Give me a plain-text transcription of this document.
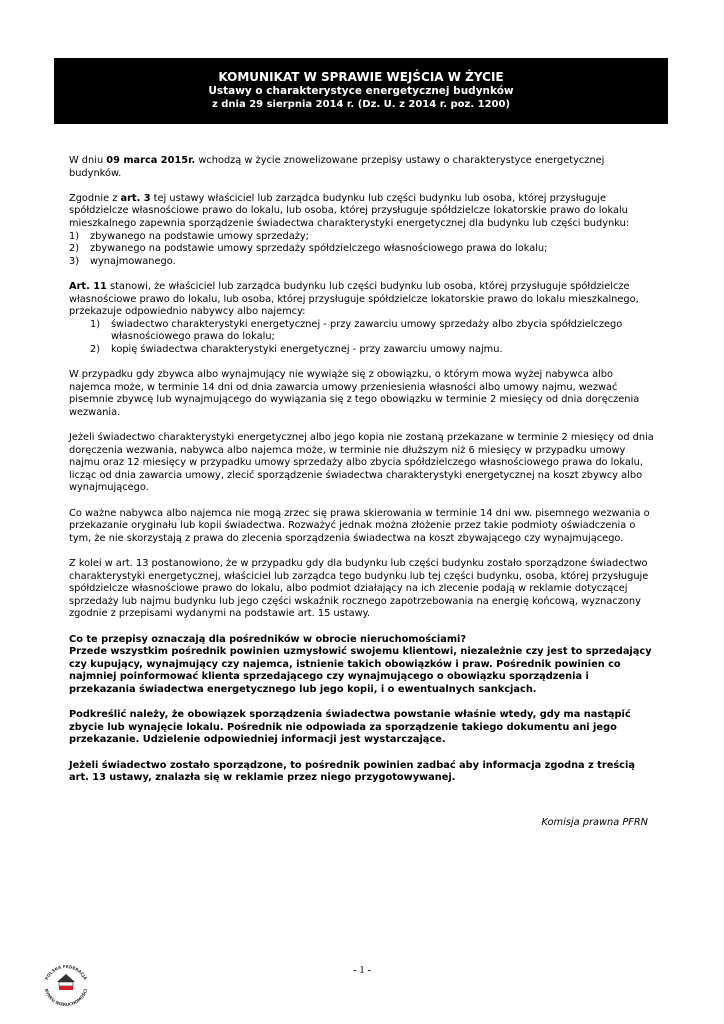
KOMUNIKAT W SPRAWIE WEJŚCIA W ŻYCIE
Ustawy o charakterystyce energetycznej budynków
z dnia 29 sierpnia 2014 r. (Dz. U. z 2014 r. poz. 1200)

W dniu 09 marca 2015r. wchodzą w życie znowelizowane przepisy ustawy o charakterystyce energetycznej budynków.

Zgodnie z art. 3 tej ustawy właściciel lub zarządca budynku lub części budynku lub osoba, której przysługuje spółdzielcze własnościowe prawo do lokalu, lub osoba, której przysługuje spółdzielcze lokatorskie prawo do lokalu mieszkalnego zapewnia sporządzenie świadectwa charakterystyki energetycznej dla budynku lub części budynku:
1) zbywanego na podstawie umowy sprzedaży;
2) zbywanego na podstawie umowy sprzedaży spółdzielczego własnościowego prawa do lokalu;
3) wynajmowanego.
Art. 11 stanowi, że właściciel lub zarządca budynku lub części budynku lub osoba, której przysługuje spółdzielcze własnościowe prawo do lokalu, lub osoba, której przysługuje spółdzielcze lokatorskie prawo do lokalu mieszkalnego, przekazuje odpowiednio nabywcy albo najemcy:
1) świadectwo charakterystyki energetycznej - przy zawarciu umowy sprzedaży albo zbycia spółdzielczego własnościowego prawa do lokalu;
2) kopię świadectwa charakterystyki energetycznej - przy zawarciu umowy najmu.

W przypadku gdy zbywca albo wynajmujący nie wywiąże się z obowiązku, o którym mowa wyżej nabywca albo najemca może, w terminie 14 dni od dnia zawarcia umowy przeniesienia własności albo umowy najmu, wezwać pisemnie zbywcę lub wynajmującego do wywiązania się z tego obowiązku w terminie 2 miesięcy od dnia doręczenia wezwania.

Jeżeli świadectwo charakterystyki energetycznej albo jego kopia nie zostaną przekazane w terminie 2 miesięcy od dnia doręczenia wezwania, nabywca albo najemca może, w terminie nie dłuższym niż 6 miesięcy w przypadku umowy najmu oraz 12 miesięcy w przypadku umowy sprzedaży albo zbycia spółdzielczego własnościowego prawa do lokalu, licząc od dnia zawarcia umowy, zlecić sporządzenie świadectwa charakterystyki energetycznej na koszt zbywcy albo wynajmującego.

Co ważne nabywca albo najemca nie mogą zrzec się prawa skierowania w terminie 14 dni ww. pisemnego wezwania o przekazanie oryginału lub kopii świadectwa. Rozważyć jednak można złożenie przez takie podmioty oświadczenia o tym, że nie skorzystają z prawa do zlecenia sporządzenia świadectwa na koszt zbywającego czy wynajmującego.

Z kolei w art. 13 postanowiono, że w przypadku gdy dla budynku lub części budynku zostało sporządzone świadectwo charakterystyki energetycznej, właściciel lub zarządca tego budynku lub tej części budynku, osoba, której przysługuje spółdzielcze własnościowe prawo do lokalu, albo podmiot działający na ich zlecenie podają w reklamie dotyczącej sprzedaży lub najmu budynku lub jego części wskaźnik rocznego zapotrzebowania na energię końcową, wyznaczony zgodnie z przepisami wydanymi na podstawie art. 15 ustawy.

Co te przepisy oznaczają dla pośredników w obrocie nieruchomościami?
Przede wszystkim pośrednik powinien uzmysłowić swojemu klientowi, niezależnie czy jest to sprzedający czy kupujący, wynajmujący czy najemca, istnienie takich obowiązków i praw. Pośrednik powinien co najmniej poinformować klienta sprzedającego czy wynajmującego o obowiązku sporządzenia i przekazania świadectwa energetycznego lub jego kopii, i o ewentualnych sankcjach.

Podkreślić należy, że obowiązek sporządzenia świadectwa powstanie właśnie wtedy, gdy ma nastąpić zbycie lub wynajęcie lokalu. Pośrednik nie odpowiada za sporządzenie takiego dokumentu ani jego przekazanie. Udzielenie odpowiedniej informacji jest wystarczające.

Jeżeli świadectwo zostało sporządzone, to pośrednik powinien zadbać aby informacja zgodna z treścią art. 13 ustawy, znalazła się w reklamie przez niego przygotowywanej.

Komisja prawna PFRN
POLSKA FEDERACJA
RYNKU NIERUCHOMOŚCI
- 1 -
